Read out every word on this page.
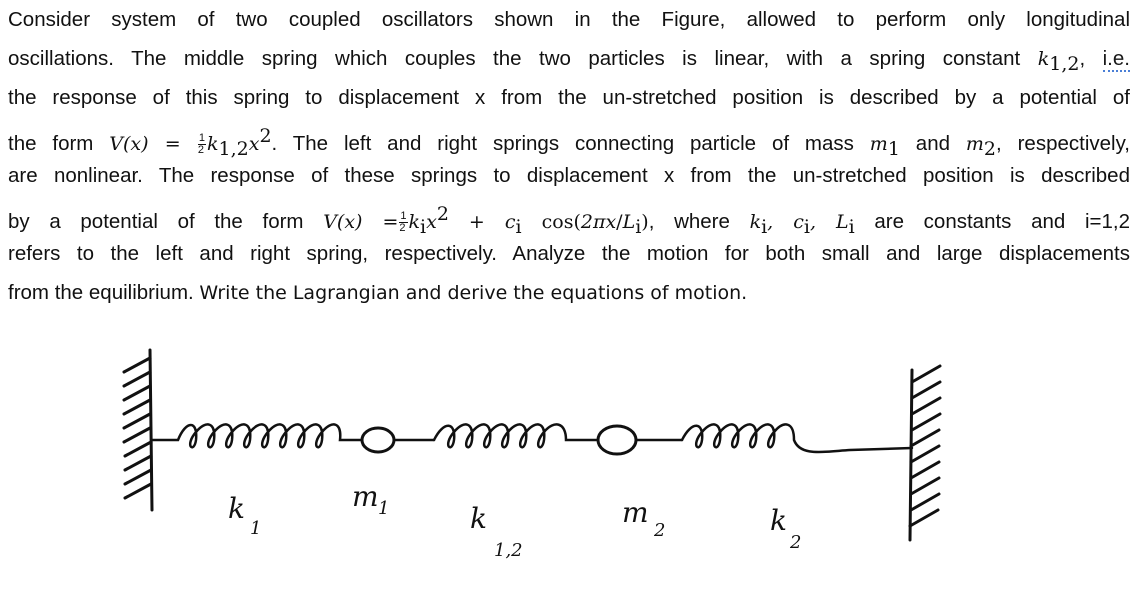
Consider system of two coupled oscillators shown in the Figure, allowed to perform only longitudinal
oscillations. The middle spring which couples the two particles is linear, with a spring constant $k_{1,2}$, i.e.
the response of this spring to displacement x from the un-stretched position is described by a potential of
the form $V(x) = \frac{1}{2} k_{1,2}x^2$. The left and right springs connecting particle of mass $m_1$ and $m_2$, respectively,
are nonlinear. The response of these springs to displacement x from the un-stretched position is described
by a potential of the form $V(x) = \frac{1}{2} k_ix^2 + c_i$ $\cos(2\pi x/L_i)$, where $k_i$, $c_i$, $L_i$ are constants and i=1,2
refers to the left and right spring, respectively. Analyze the motion for both small and large displacements
from the equilibrium. Write the Lagrangian and derive the equations of motion.
k
1
m 1	k
1,2
m
2	k
2
